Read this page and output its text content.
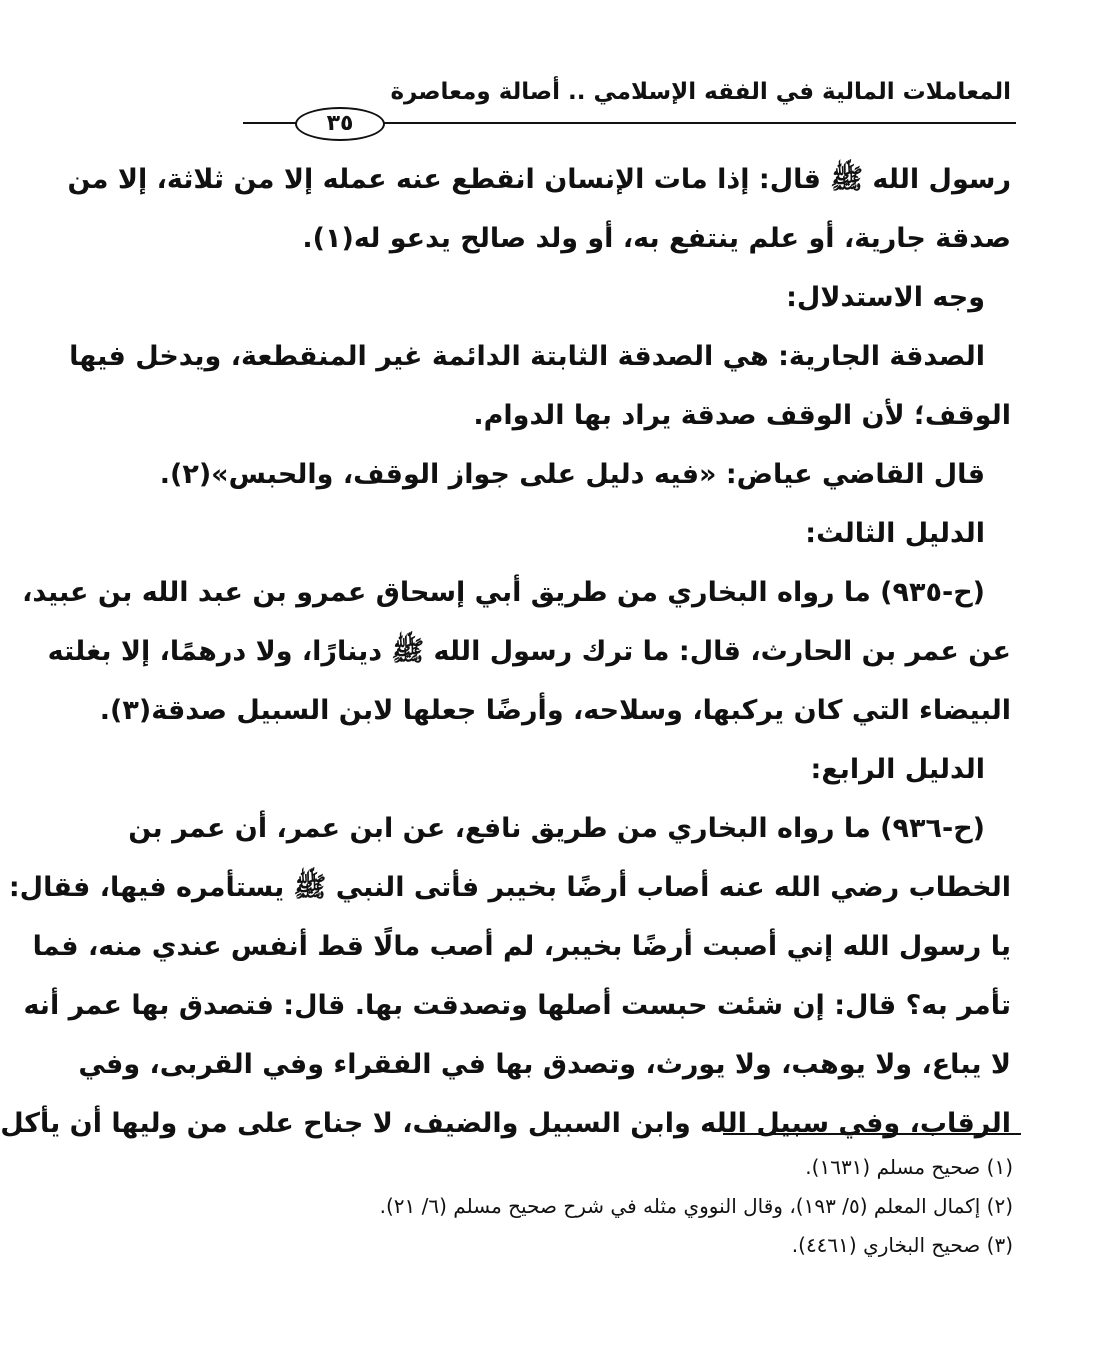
المعاملات المالية في الفقه الإسلامي .. أصالة ومعاصرة
٣٥
رسول الله ﷺ قال: إذا مات الإنسان انقطع عنه عمله إلا من ثلاثة، إلا من
صدقة جارية، أو علم ينتفع به، أو ولد صالح يدعو له(١).
وجه الاستدلال:
الصدقة الجارية: هي الصدقة الثابتة الدائمة غير المنقطعة، ويدخل فيها
الوقف؛ لأن الوقف صدقة يراد بها الدوام.
قال القاضي عياض: «فيه دليل على جواز الوقف، والحبس»(٢).
الدليل الثالث:
(ح-٩٣٥) ما رواه البخاري من طريق أبي إسحاق عمرو بن عبد الله بن عبيد،
عن عمر بن الحارث، قال: ما ترك رسول الله ﷺ دينارًا، ولا درهمًا، إلا بغلته
البيضاء التي كان يركبها، وسلاحه، وأرضًا جعلها لابن السبيل صدقة(٣).
الدليل الرابع:
(ح-٩٣٦) ما رواه البخاري من طريق نافع، عن ابن عمر، أن عمر بن
الخطاب رضي الله عنه أصاب أرضًا بخيبر فأتى النبي ﷺ يستأمره فيها، فقال:
يا رسول الله إني أصبت أرضًا بخيبر، لم أصب مالًا قط أنفس عندي منه، فما
تأمر به؟ قال: إن شئت حبست أصلها وتصدقت بها. قال: فتصدق بها عمر أنه
لا يباع، ولا يوهب، ولا يورث، وتصدق بها في الفقراء وفي القربى، وفي
الرقاب، وفي سبيل الله وابن السبيل والضيف، لا جناح على من وليها أن يأكل
(١) صحيح مسلم (١٦٣١).
(٢) إكمال المعلم (٥/ ١٩٣)، وقال النووي مثله في شرح صحيح مسلم (٦/ ٢١).
(٣) صحيح البخاري (٤٤٦١).
